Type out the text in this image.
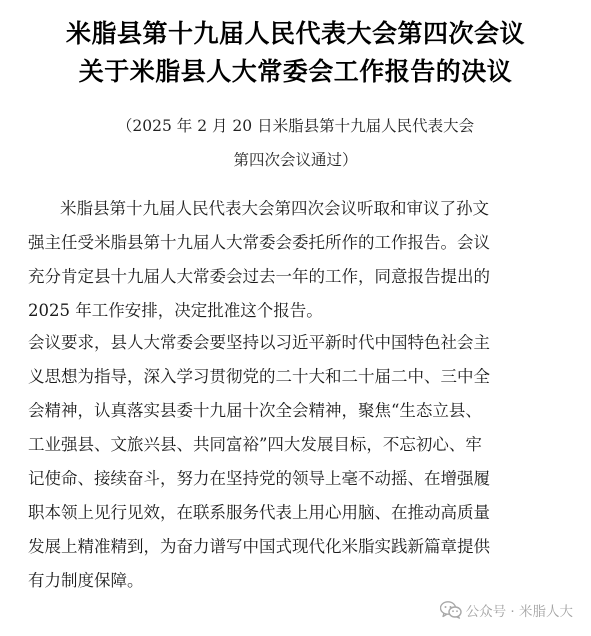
米脂县第十九届人民代表大会第四次会议
关于米脂县人大常委会工作报告的决议
（2025 年 2 月 20 日米脂县第十九届人民代表大会
第四次会议通过）
米脂县第十九届人民代表大会第四次会议听取和审议了孙文
强主任受米脂县第十九届人大常委会委托所作的工作报告。会议
充分肯定县十九届人大常委会过去一年的工作，同意报告提出的
2025 年工作安排，决定批准这个报告。
会议要求，县人大常委会要坚持以习近平新时代中国特色社会主
义思想为指导，深入学习贯彻党的二十大和二十届二中、三中全
会精神，认真落实县委十九届十次全会精神，聚焦“生态立县、
工业强县、文旅兴县、共同富裕”四大发展目标，不忘初心、牢
记使命、接续奋斗，努力在坚持党的领导上毫不动摇、在增强履
职本领上见行见效，在联系服务代表上用心用脑、在推动高质量
发展上精准精到，为奋力谱写中国式现代化米脂实践新篇章提供
有力制度保障。
公众号 · 米脂人大
